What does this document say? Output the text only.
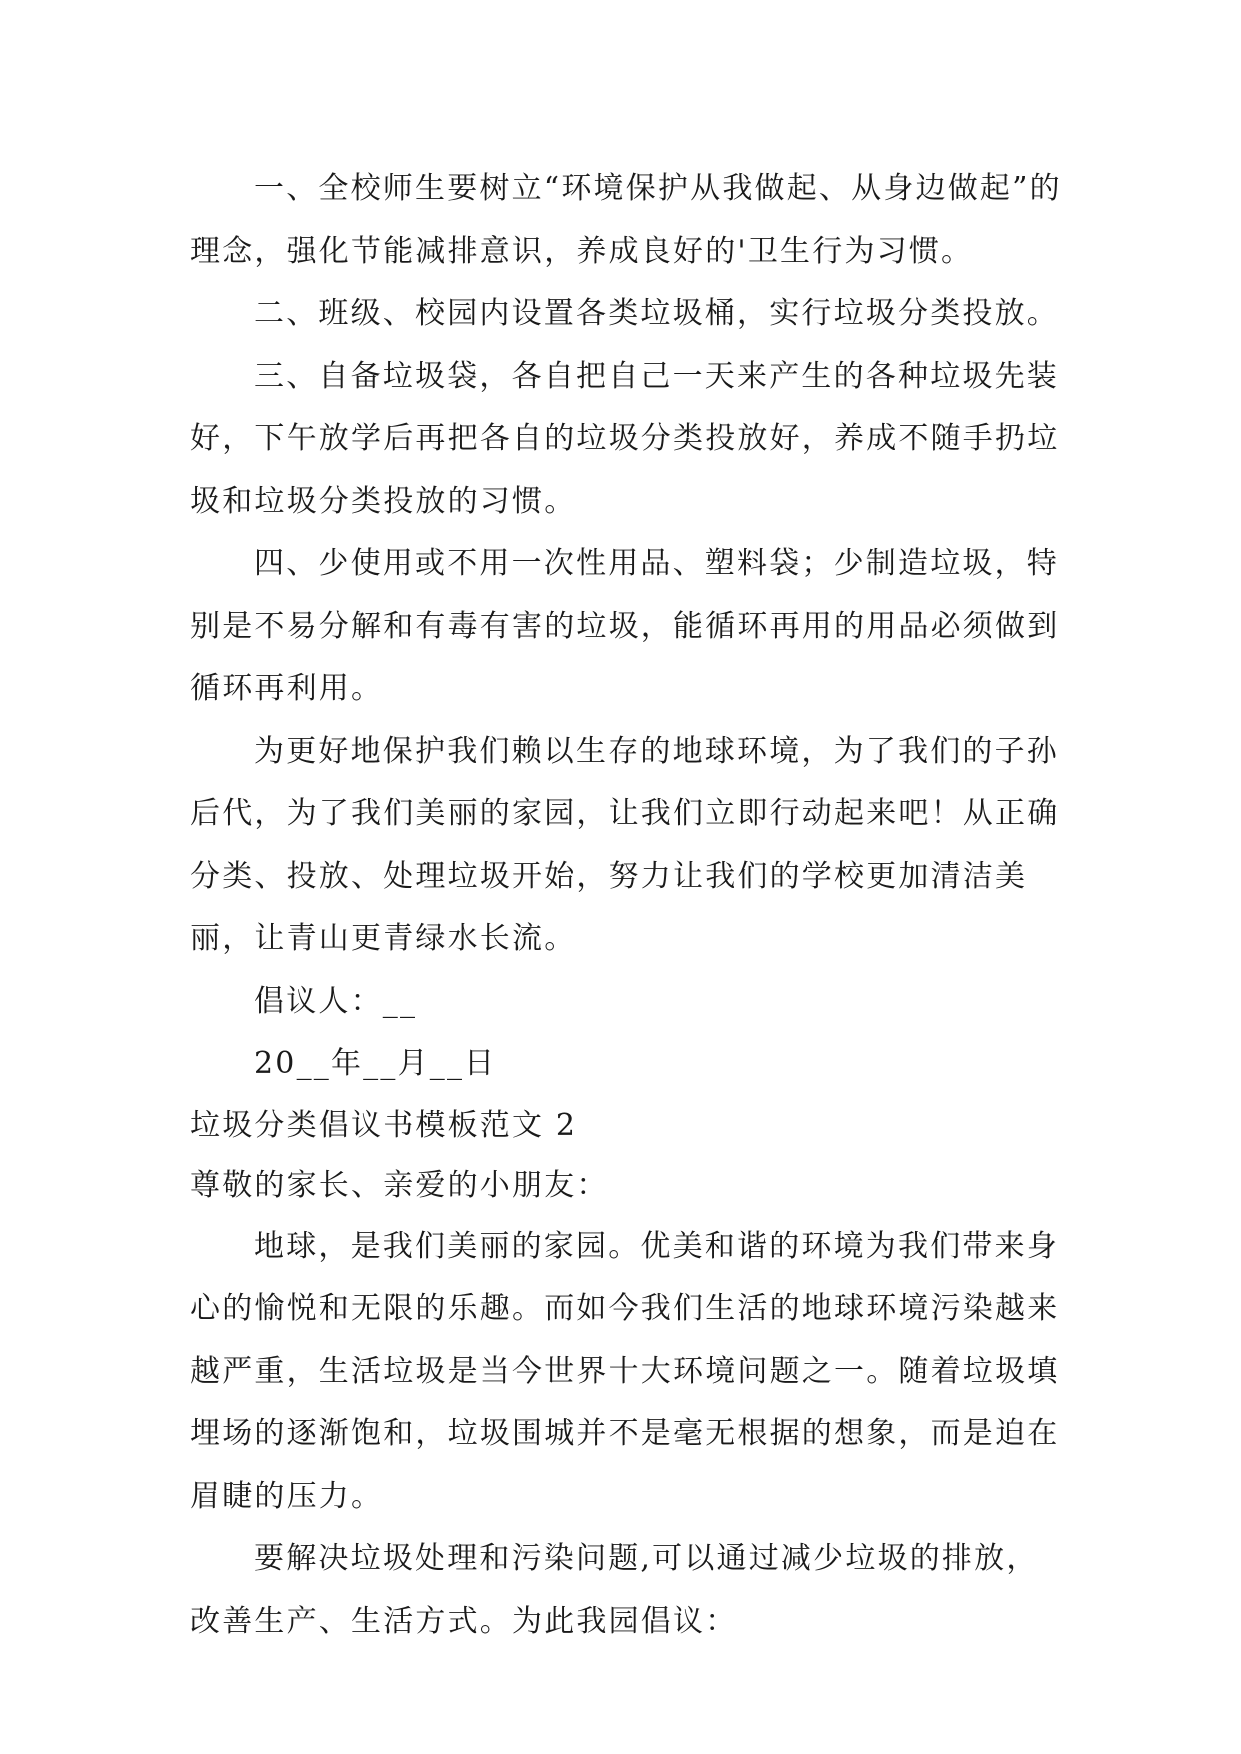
一、全校师生要树立“环境保护从我做起、从身边做起”的理念，强化节能减排意识，养成良好的'卫生行为习惯。

二、班级、校园内设置各类垃圾桶，实行垃圾分类投放。

三、自备垃圾袋，各自把自己一天来产生的各种垃圾先装好，下午放学后再把各自的垃圾分类投放好，养成不随手扔垃圾和垃圾分类投放的习惯。

四、少使用或不用一次性用品、塑料袋；少制造垃圾，特别是不易分解和有毒有害的垃圾，能循环再用的用品必须做到循环再利用。

为更好地保护我们赖以生存的地球环境，为了我们的子孙后代，为了我们美丽的家园，让我们立即行动起来吧！从正确分类、投放、处理垃圾开始，努力让我们的学校更加清洁美丽，让青山更青绿水长流。

倡议人：__

20__年__月__日

垃圾分类倡议书模板范文 2

尊敬的家长、亲爱的小朋友：

地球，是我们美丽的家园。优美和谐的环境为我们带来身心的愉悦和无限的乐趣。而如今我们生活的地球环境污染越来越严重，生活垃圾是当今世界十大环境问题之一。随着垃圾填埋场的逐渐饱和，垃圾围城并不是毫无根据的想象，而是迫在眉睫的压力。

要解决垃圾处理和污染问题,可以通过减少垃圾的排放，改善生产、生活方式。为此我园倡议：
